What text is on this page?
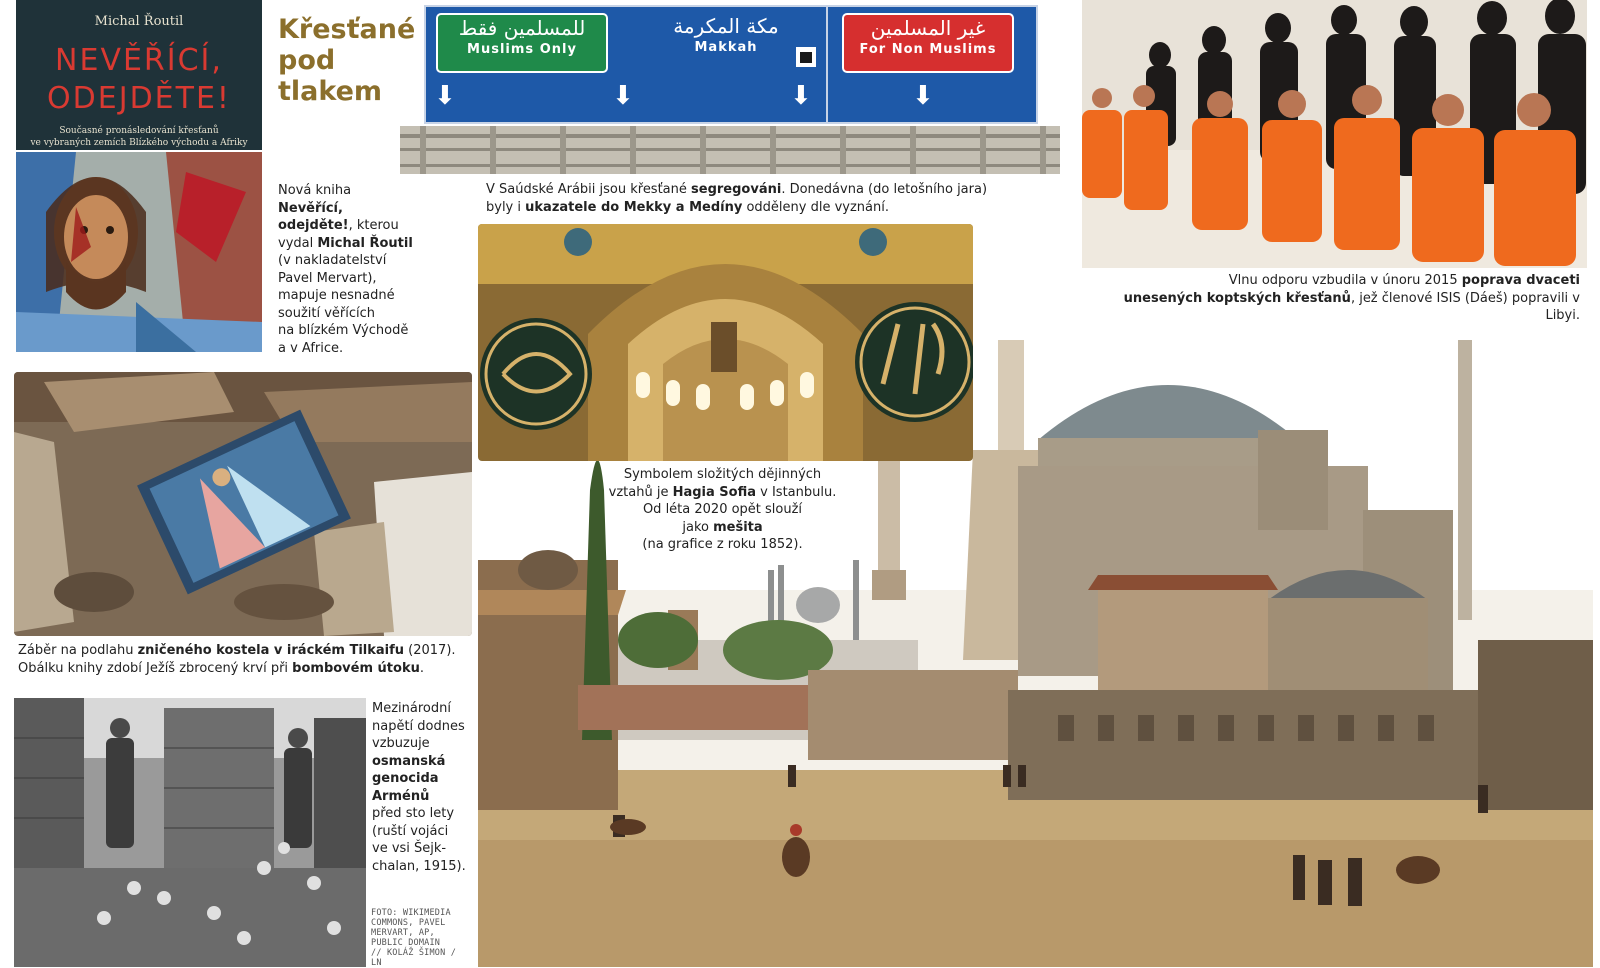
Michal Řoutil
NEVĚŘÍCÍ,
ODEJDĚTE!
Současné pronásledování křesťanů
ve vybraných zemích Blízkého východu a Afriky
Křesťané
pod
tlakem
Nová kniha
Nevěřící,
odejděte!, kterou
vydal Michal Řoutil
(v nakladatelství
Pavel Mervart),
mapuje nesnadné
soužití věřících
na blízkém Východě
a v Africe.
للمسلمين فقط
Muslims Only
مكة المكرمة
Makkah
غير المسلمين
For Non Muslims
⬇	⬇	⬇	⬇
V Saúdské Arábii jsou křesťané segregováni. Donedávna (do letošního jara)
byly i ukazatele do Mekky a Medíny odděleny dle vyznání.
Vlnu odporu vzbudila v únoru 2015 poprava dvaceti
unesených koptských křesťanů, jež členové ISIS (Dáeš) popravili v Libyi.
Symbolem složitých dějinných
vztahů je Hagia Sofia v Istanbulu.
Od léta 2020 opět slouží
jako mešita
(na grafice z roku 1852).
Záběr na podlahu zničeného kostela v iráckém Tilkaifu (2017).
Obálku knihy zdobí Ježíš zbrocený krví při bombovém útoku.
Mezinárodní
napětí dodnes
vzbuzuje
osmanská
genocida
Arménů
před sto lety
(ruští vojáci
ve vsi Šejk-
chalan, 1915).
FOTO: WIKIMEDIA
COMMONS, PAVEL
MERVART, AP,
PUBLIC DOMAIN
// KOLÁŽ ŠIMON / LN
